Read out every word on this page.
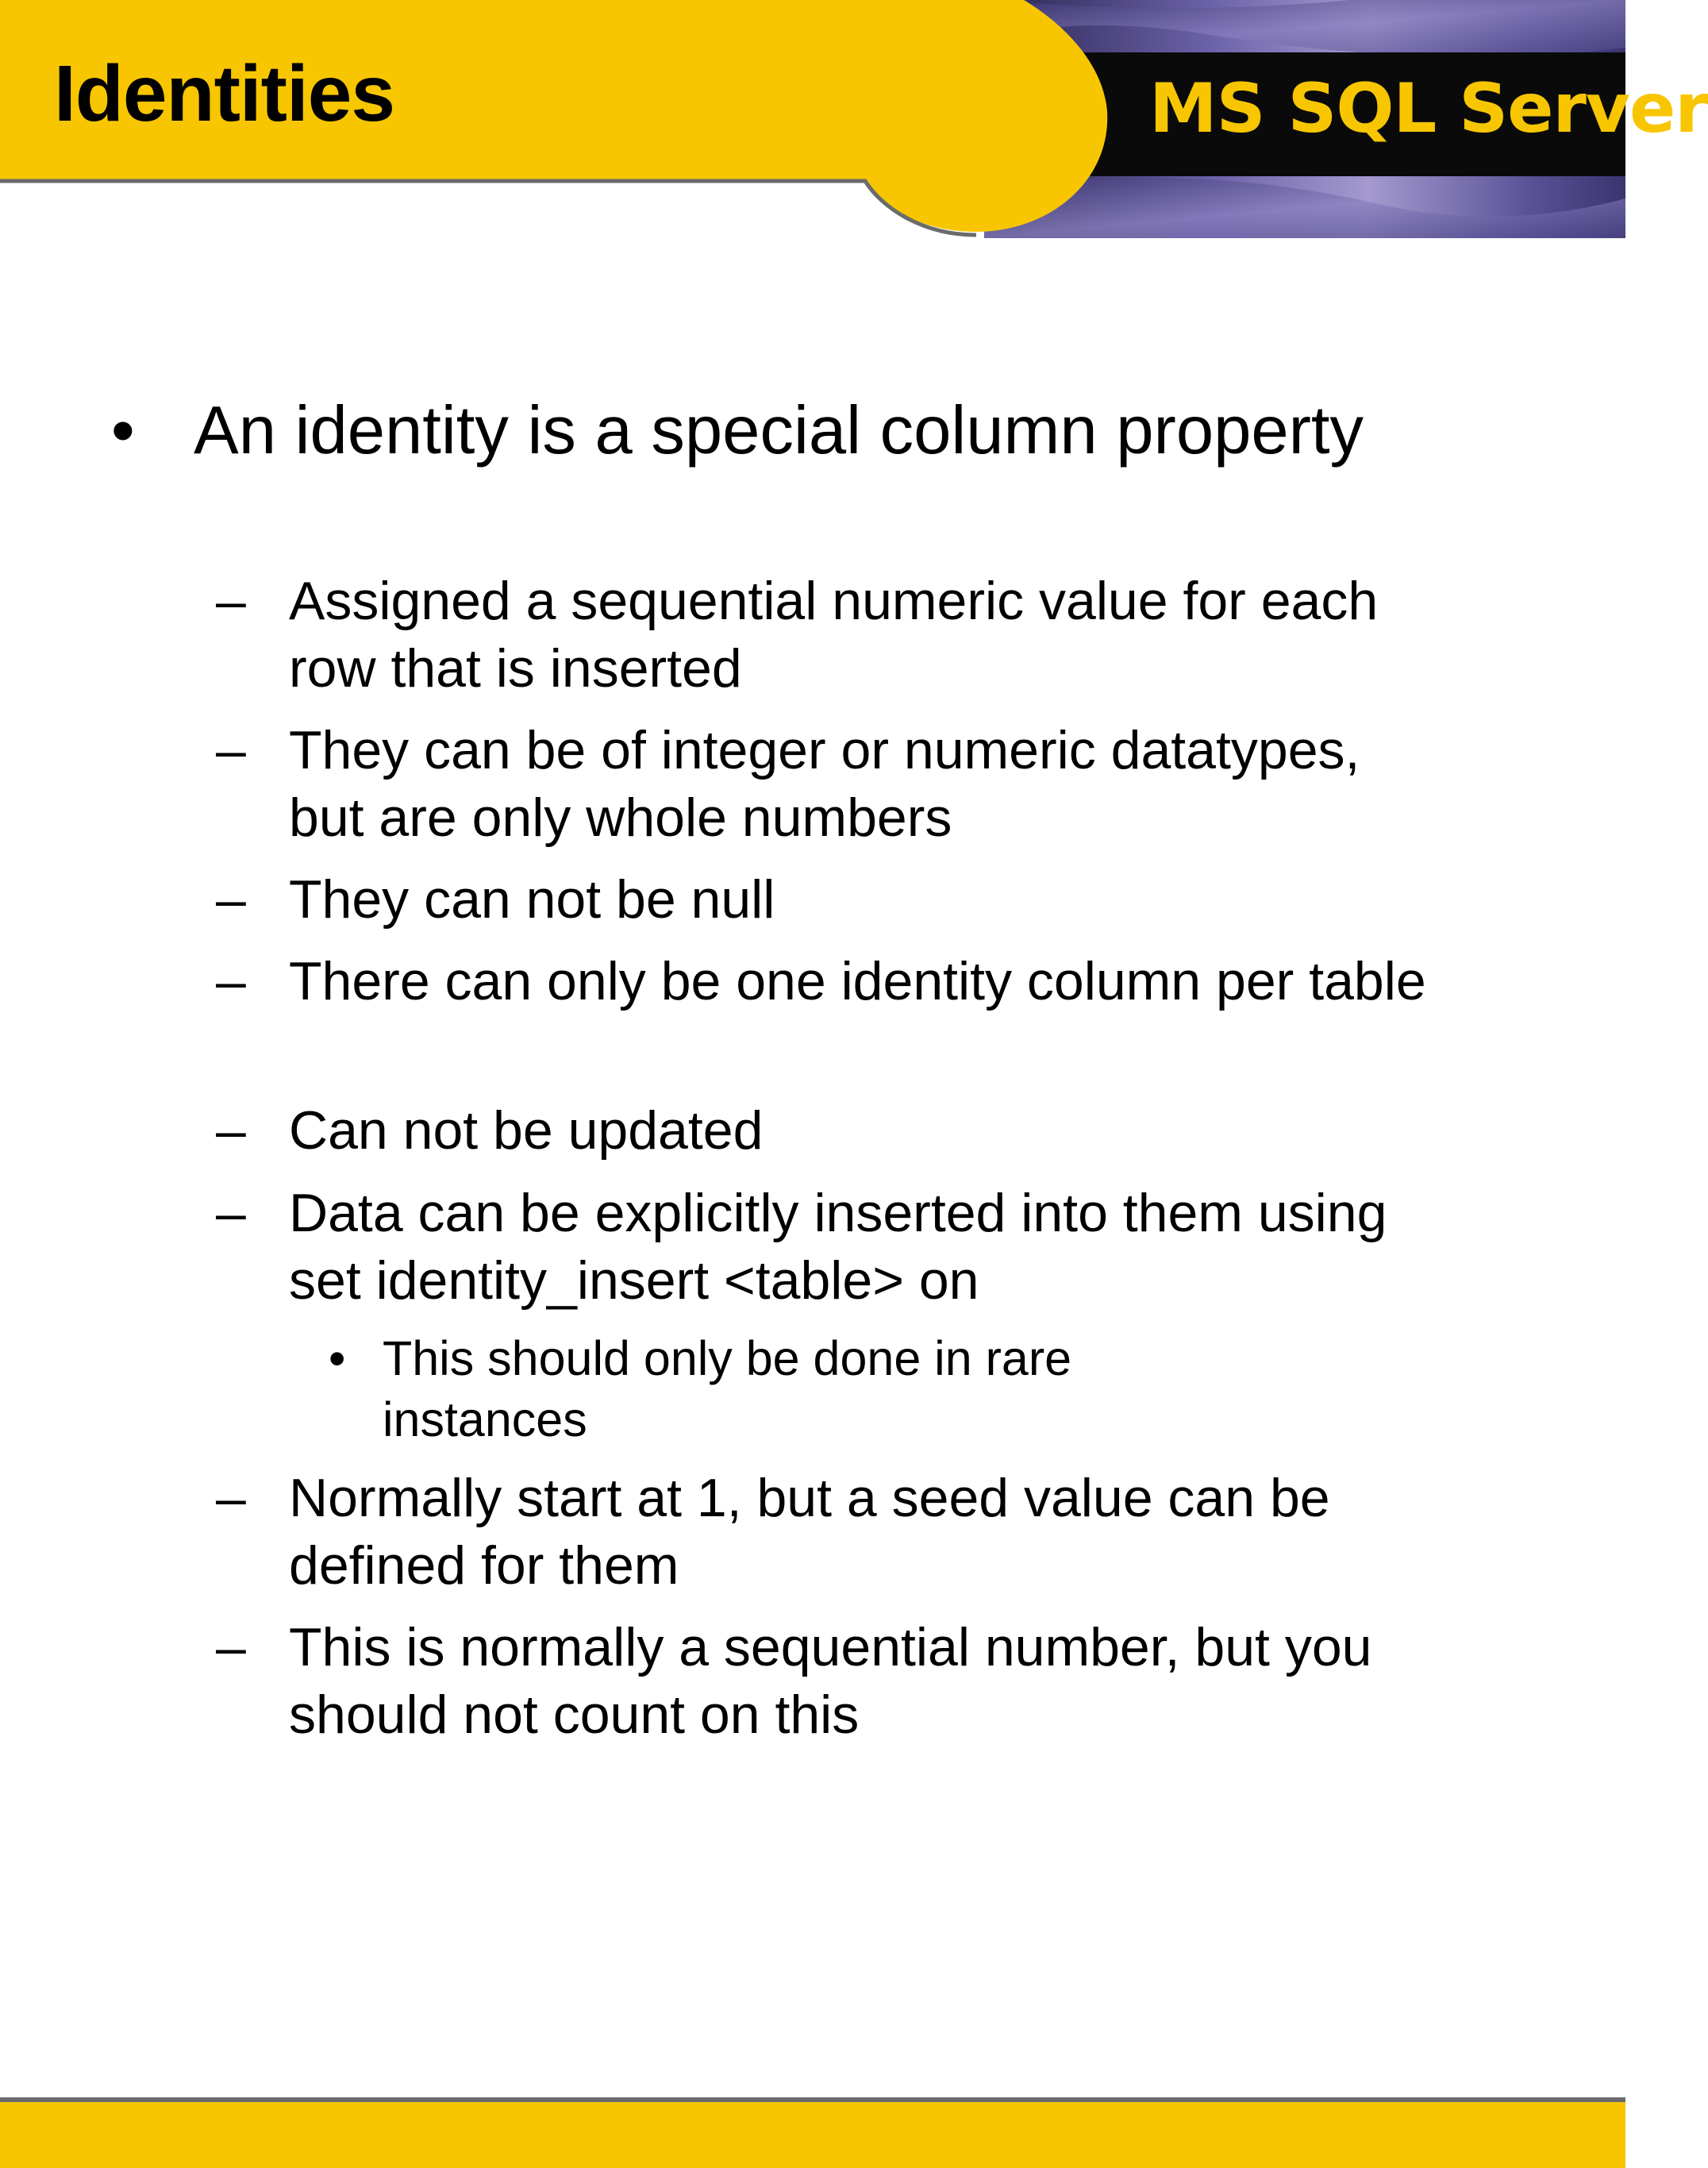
Identities	MS SQL Server
• An identity is a special column property
– Assigned a sequential numeric value for each row that is inserted
– They can be of integer or numeric datatypes, but are only whole numbers
– They can not be null
– There can only be one identity column per table
– Can not be updated
– Data can be explicitly inserted into them using set identity_insert <table> on
• This should only be done in rare instances
– Normally start at 1, but a seed value can be defined for them
– This is normally a sequential number, but you should not count on this
